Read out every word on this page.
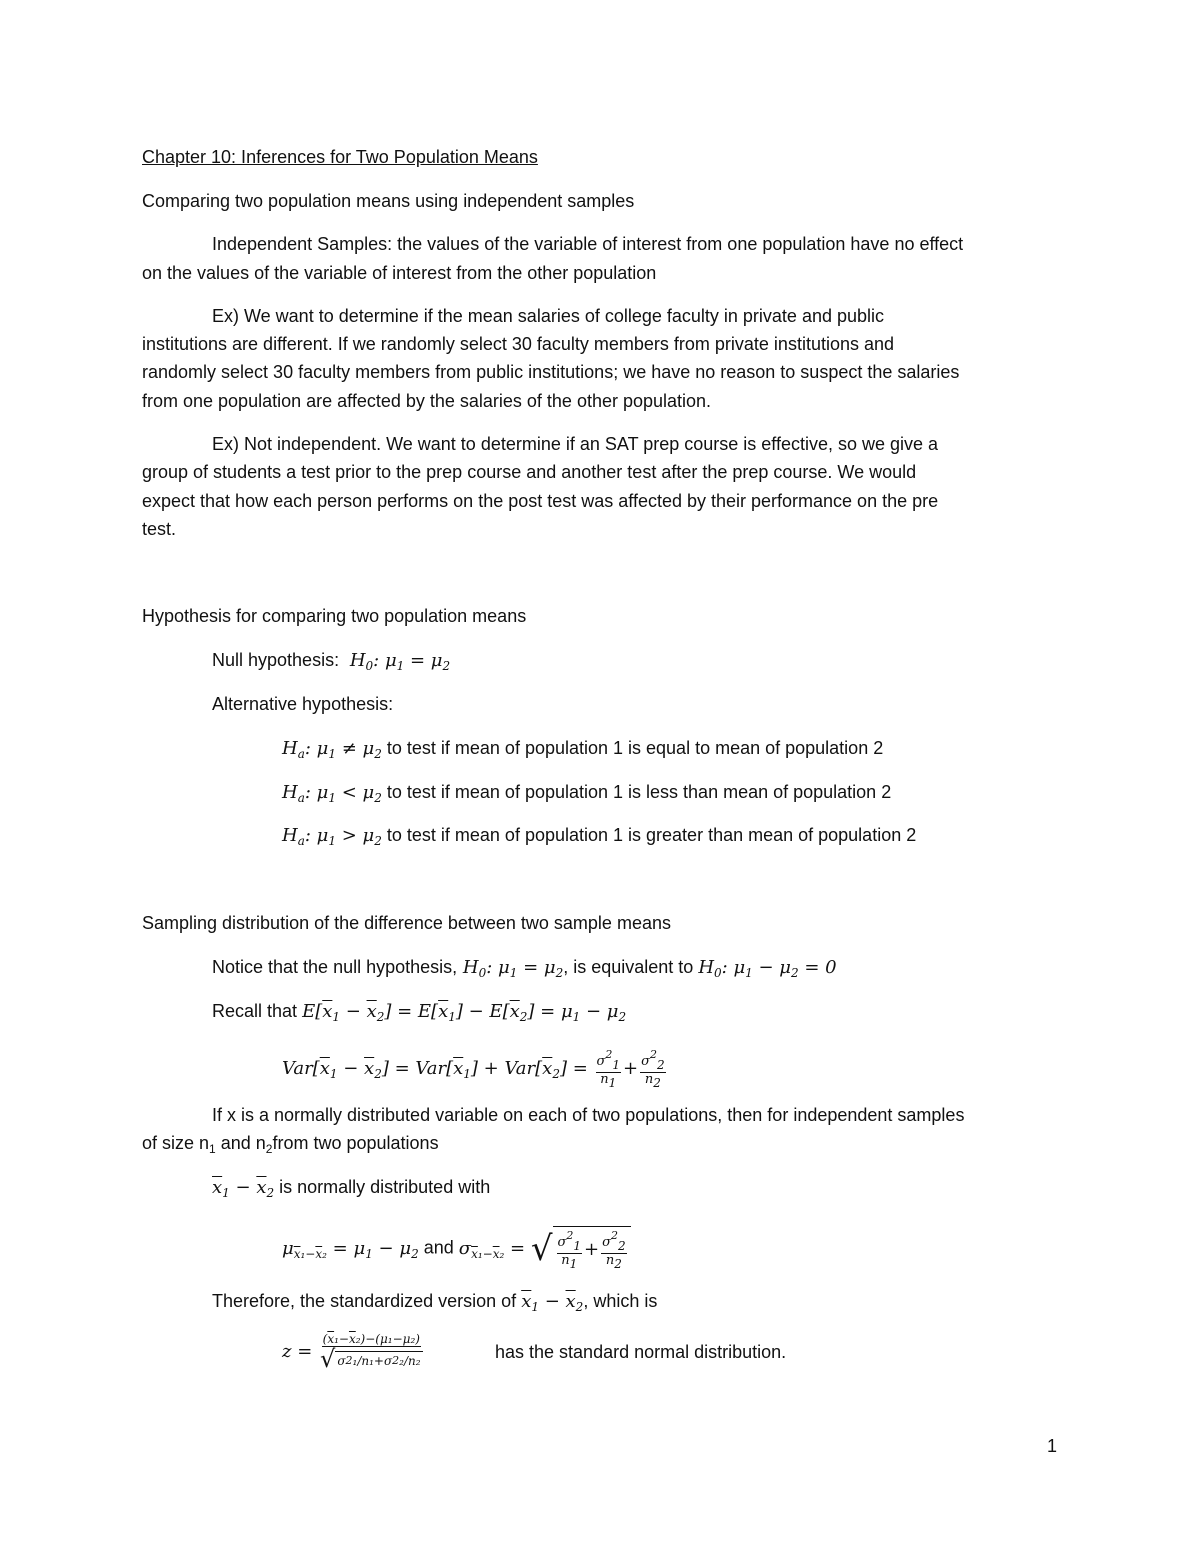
Chapter 10: Inferences for Two Population Means
Comparing two population means using independent samples
Independent Samples: the values of the variable of interest from one population have no effect
on the values of the variable of interest from the other population
Ex) We want to determine if the mean salaries of college faculty in private and public
institutions are different. If we randomly select 30 faculty members from private institutions and
randomly select 30 faculty members from public institutions; we have no reason to suspect the salaries
from one population are affected by the salaries of the other population.
Ex) Not independent. We want to determine if an SAT prep course is effective, so we give a
group of students a test prior to the prep course and another test after the prep course. We would
expect that how each person performs on the post test was affected by their performance on the pre
test.
Hypothesis for comparing two population means
Null hypothesis:  $H_0$: $\mu_1 = \mu_2$
Alternative hypothesis:
$H_a$: $\mu_1 \ne \mu_2$ to test if mean of population 1 is equal to mean of population 2
$H_a$: $\mu_1 < \mu_2$ to test if mean of population 1 is less than mean of population 2
$H_a$: $\mu_1 > \mu_2$ to test if mean of population 1 is greater than mean of population 2
Sampling distribution of the difference between two sample means
Notice that the null hypothesis, $H_0$: $\mu_1 = \mu_2$, is equivalent to $H_0$: $\mu_1 - \mu_2 = 0$
Recall that $E[\overline{x}_1 - \overline{x}_2] = E[\overline{x}_1] - E[\overline{x}_2] = \mu_1 - \mu_2$
$Var[\overline{x}_1 - \overline{x}_2] = Var[\overline{x}_1] + Var[\overline{x}_2] = \frac{\sigma^21}{n1} + \frac{\sigma^22}{n2}$
If x is a normally distributed variable on each of two populations, then for independent samples
of size $n_1$ and $n_2from$ two populations
$\overline{x}_1 - \overline{x}_2$ is normally distributed with
$\mu_{\overline{x}_1-\overline{x}_2} = \mu_1 - \mu_2$ and $\sigma_{\overline{x}_1-\overline{x}_2}$ = √ $\frac{\sigma^21}{n1} + \frac{\sigma^22}{n2}$
Therefore, the standardized version of $\overline{x}_1 - \overline{x}_2$, which is
$z = \frac{(\overline{x}_1-\overline{x}_2)-(\mu_1-\mu_2)}{\text{√ σ 2 ₁/n₁+σ 2 ₂/n₂}}$	has the standard normal distribution.
1
